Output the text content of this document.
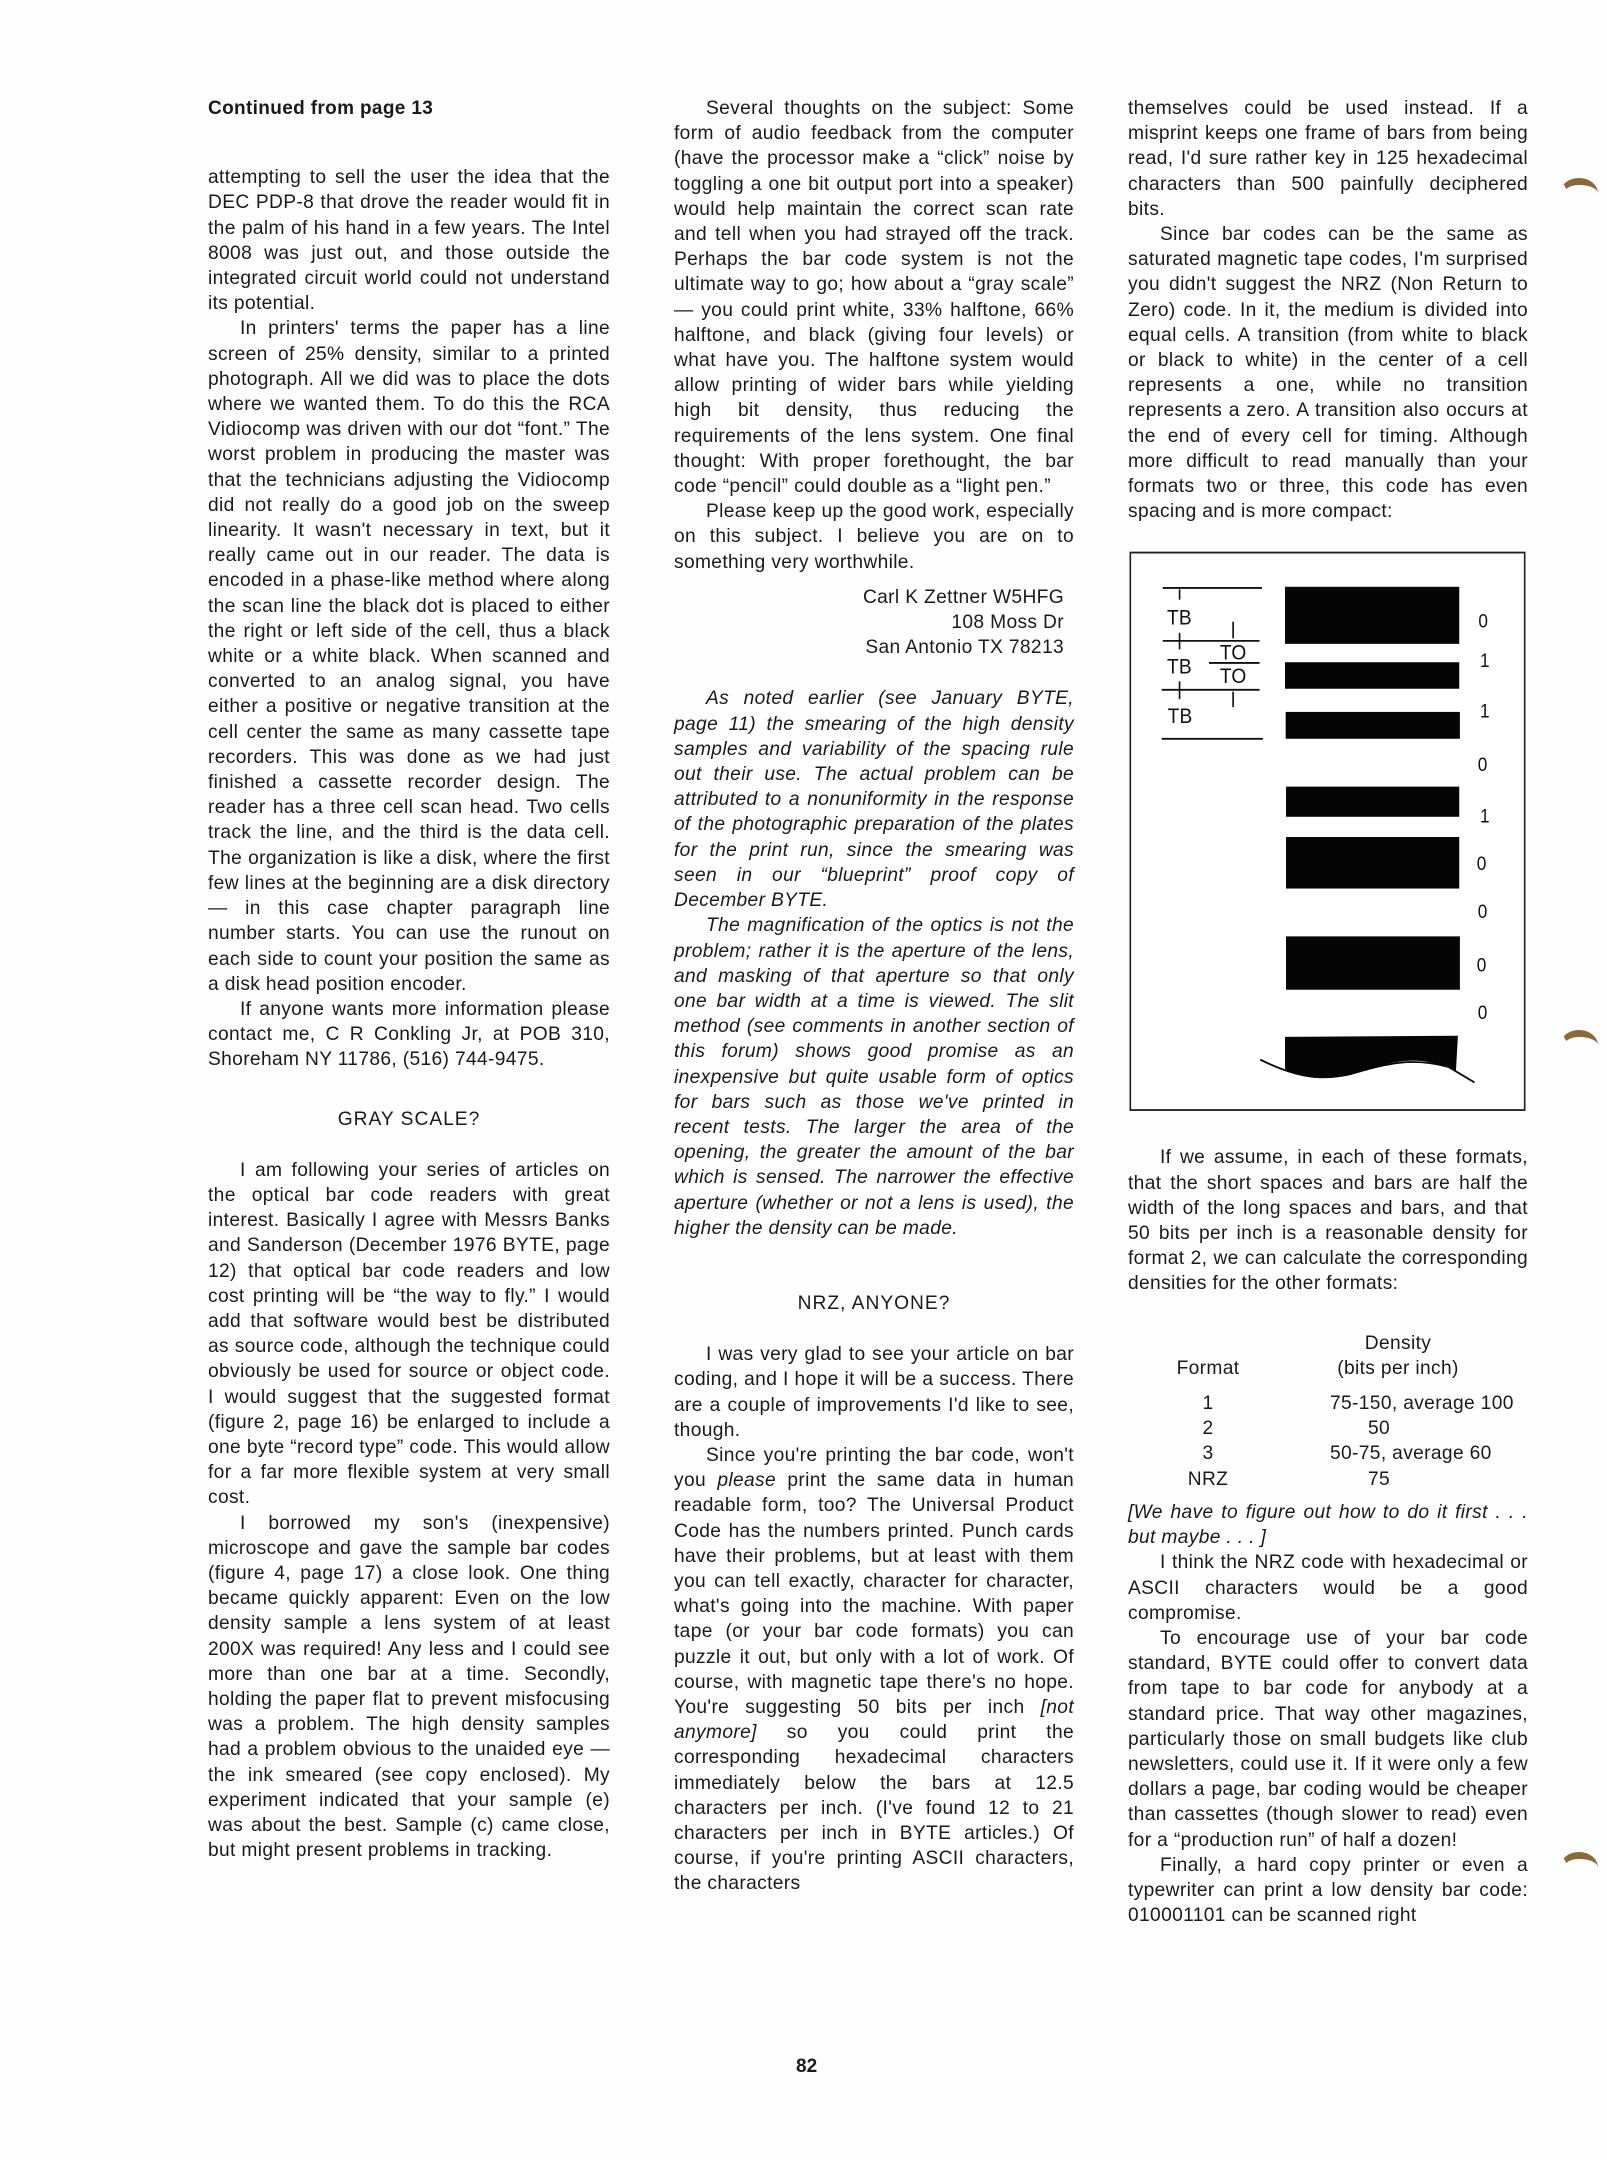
Continued from page 13

attempting to sell the user the idea that the DEC PDP-8 that drove the reader would fit in the palm of his hand in a few years. The Intel 8008 was just out, and those outside the integrated circuit world could not understand its potential.

In printers' terms the paper has a line screen of 25% density, similar to a printed photograph. All we did was to place the dots where we wanted them. To do this the RCA Vidiocomp was driven with our dot “font.” The worst problem in producing the master was that the technicians adjusting the Vidiocomp did not really do a good job on the sweep linearity. It wasn't necessary in text, but it really came out in our reader. The data is encoded in a phase-like method where along the scan line the black dot is placed to either the right or left side of the cell, thus a black white or a white black. When scanned and converted to an analog signal, you have either a positive or negative transition at the cell center the same as many cassette tape recorders. This was done as we had just finished a cassette recorder design. The reader has a three cell scan head. Two cells track the line, and the third is the data cell. The organization is like a disk, where the first few lines at the beginning are a disk directory — in this case chapter paragraph line number starts. You can use the runout on each side to count your position the same as a disk head position encoder.

If anyone wants more information please contact me, C R Conkling Jr, at POB 310, Shoreham NY 11786, (516) 744-9475.

GRAY SCALE?

I am following your series of articles on the optical bar code readers with great interest. Basically I agree with Messrs Banks and Sanderson (December 1976 BYTE, page 12) that optical bar code readers and low cost printing will be “the way to fly.” I would add that software would best be distributed as source code, although the technique could obviously be used for source or object code. I would suggest that the suggested format (figure 2, page 16) be enlarged to include a one byte “record type” code. This would allow for a far more flexible system at very small cost.

I borrowed my son's (inexpensive) microscope and gave the sample bar codes (figure 4, page 17) a close look. One thing became quickly apparent: Even on the low density sample a lens system of at least 200X was required! Any less and I could see more than one bar at a time. Secondly, holding the paper flat to prevent misfocusing was a problem. The high density samples had a problem obvious to the unaided eye — the ink smeared (see copy enclosed). My experiment indicated that your sample (e) was about the best. Sample (c) came close, but might present problems in tracking.

Several thoughts on the subject: Some form of audio feedback from the computer (have the processor make a “click” noise by toggling a one bit output port into a speaker) would help maintain the correct scan rate and tell when you had strayed off the track. Perhaps the bar code system is not the ultimate way to go; how about a “gray scale” — you could print white, 33% halftone, 66% halftone, and black (giving four levels) or what have you. The halftone system would allow printing of wider bars while yielding high bit density, thus reducing the requirements of the lens system. One final thought: With proper forethought, the bar code “pencil” could double as a “light pen.”

Please keep up the good work, especially on this subject. I believe you are on to something very worthwhile.

Carl K Zettner W5HFG
108 Moss Dr
San Antonio TX 78213

As noted earlier (see January BYTE, page 11) the smearing of the high density samples and variability of the spacing rule out their use. The actual problem can be attributed to a nonuniformity in the response of the photographic preparation of the plates for the print run, since the smearing was seen in our “blueprint” proof copy of December BYTE.

The magnification of the optics is not the problem; rather it is the aperture of the lens, and masking of that aperture so that only one bar width at a time is viewed. The slit method (see comments in another section of this forum) shows good promise as an inexpensive but quite usable form of optics for bars such as those we've printed in recent tests. The larger the area of the opening, the greater the amount of the bar which is sensed. The narrower the effective aperture (whether or not a lens is used), the higher the density can be made.

NRZ, ANYONE?

I was very glad to see your article on bar coding, and I hope it will be a success. There are a couple of improvements I'd like to see, though.

Since you're printing the bar code, won't you please print the same data in human readable form, too? The Universal Product Code has the numbers printed. Punch cards have their problems, but at least with them you can tell exactly, character for character, what's going into the machine. With paper tape (or your bar code formats) you can puzzle it out, but only with a lot of work. Of course, with magnetic tape there's no hope. You're suggesting 50 bits per inch [not anymore] so you could print the corresponding hexadecimal characters immediately below the bars at 12.5 characters per inch. (I've found 12 to 21 characters per inch in BYTE articles.) Of course, if you're printing ASCII characters, the characters

themselves could be used instead. If a misprint keeps one frame of bars from being read, I'd sure rather key in 125 hexadecimal characters than 500 painfully deciphered bits.

Since bar codes can be the same as saturated magnetic tape codes, I'm surprised you didn't suggest the NRZ (Non Return to Zero) code. In it, the medium is divided into equal cells. A transition (from white to black or black to white) in the center of a cell represents a one, while no transition represents a zero. A transition also occurs at the end of every cell for timing. Although more difficult to read manually than your formats two or three, this code has even spacing and is more compact:

TB
TB
TB
TO
TO
0
1
1
0
1
0
0
0
0

If we assume, in each of these formats, that the short spaces and bars are half the width of the long spaces and bars, and that 50 bits per inch is a reasonable density for format 2, we can calculate the corresponding densities for the other formats:

Format	Density
(bits per inch)

1	75-150, average 100
2	50
3	50-75, average 60
NRZ	75

[We have to figure out how to do it first . . . but maybe . . . ]

I think the NRZ code with hexadecimal or ASCII characters would be a good compromise.

To encourage use of your bar code standard, BYTE could offer to convert data from tape to bar code for anybody at a standard price. That way other magazines, particularly those on small budgets like club newsletters, could use it. If it were only a few dollars a page, bar coding would be cheaper than cassettes (though slower to read) even for a “production run” of half a dozen!

Finally, a hard copy printer or even a typewriter can print a low density bar code: 010001101 can be scanned right

82
